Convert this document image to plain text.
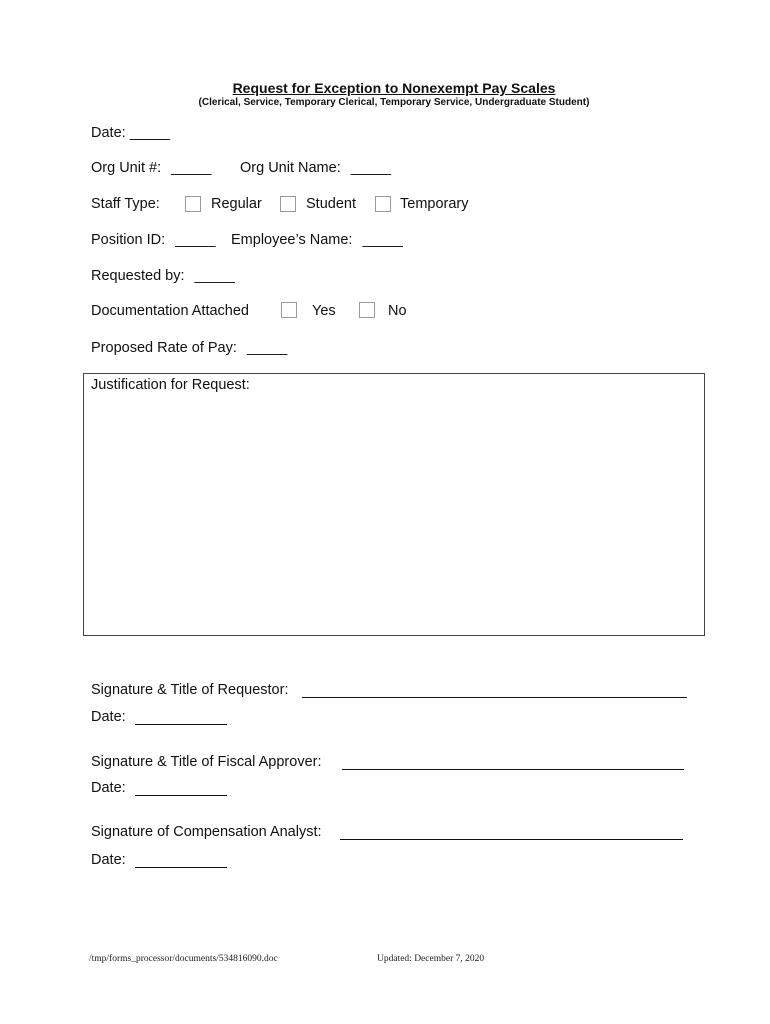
Request for Exception to Nonexempt Pay Scales
(Clerical, Service, Temporary Clerical, Temporary Service, Undergraduate Student)
Date: _____
Org Unit #: _____ Org Unit Name: _____
Staff Type:	Regular	Student	Temporary
Position ID: _____ Employee’s Name: _____
Requested by: _____
Documentation Attached	Yes	No
Proposed Rate of Pay: _____
Justification for Request:
Signature & Title of Requestor:
Date:
Signature & Title of Fiscal Approver:
Date:
Signature of Compensation Analyst:
Date:
/tmp/forms_processor/documents/534816090.doc	Updated: December 7, 2020
